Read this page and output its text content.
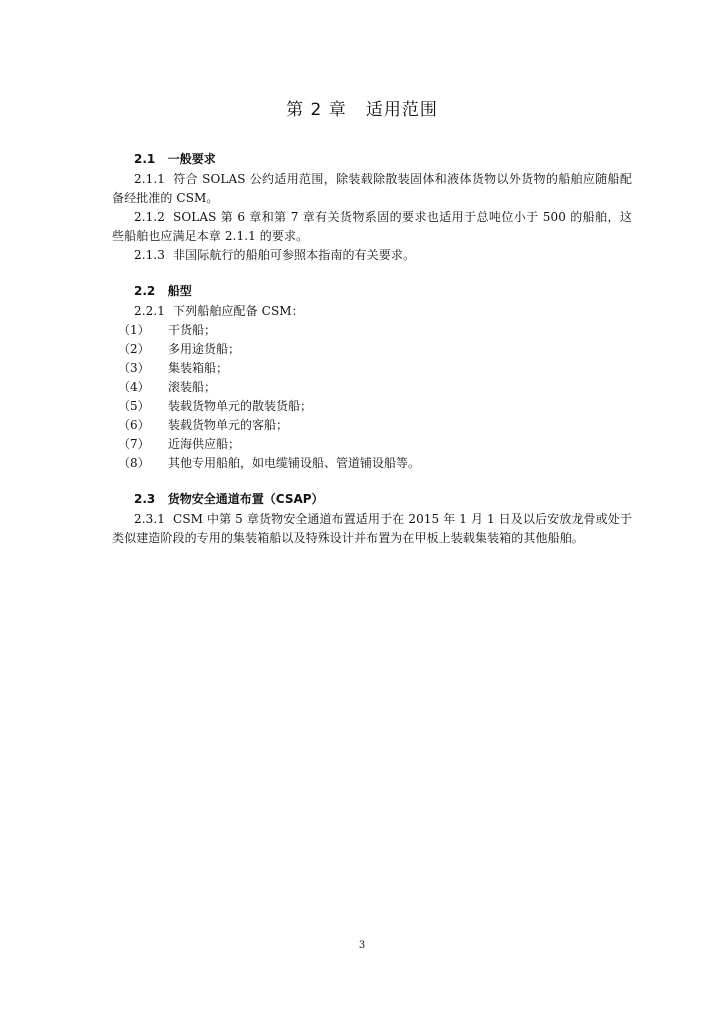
第 2 章   适用范围
2.1   一般要求

2.1.1 符合 SOLAS 公约适用范围，除装载除散装固体和液体货物以外货物的船舶应随船配备经批准的 CSM。

2.1.2 SOLAS 第 6 章和第 7 章有关货物系固的要求也适用于总吨位小于 500 的船舶，这些船舶也应满足本章 2.1.1 的要求。

2.1.3 非国际航行的船舶可参照本指南的有关要求。

2.2   船型

2.2.1 下列船舶应配备 CSM：

（1） 干货船；
（2） 多用途货船；
（3） 集装箱船；
（4） 滚装船；
（5） 装载货物单元的散装货船；
（6） 装载货物单元的客船；
（7） 近海供应船；
（8） 其他专用船舶，如电缆铺设船、管道铺设船等。
2.3   货物安全通道布置（CSAP）

2.3.1 CSM 中第 5 章货物安全通道布置适用于在 2015 年 1 月 1 日及以后安放龙骨或处于类似建造阶段的专用的集装箱船以及特殊设计并布置为在甲板上装载集装箱的其他船舶。

3
